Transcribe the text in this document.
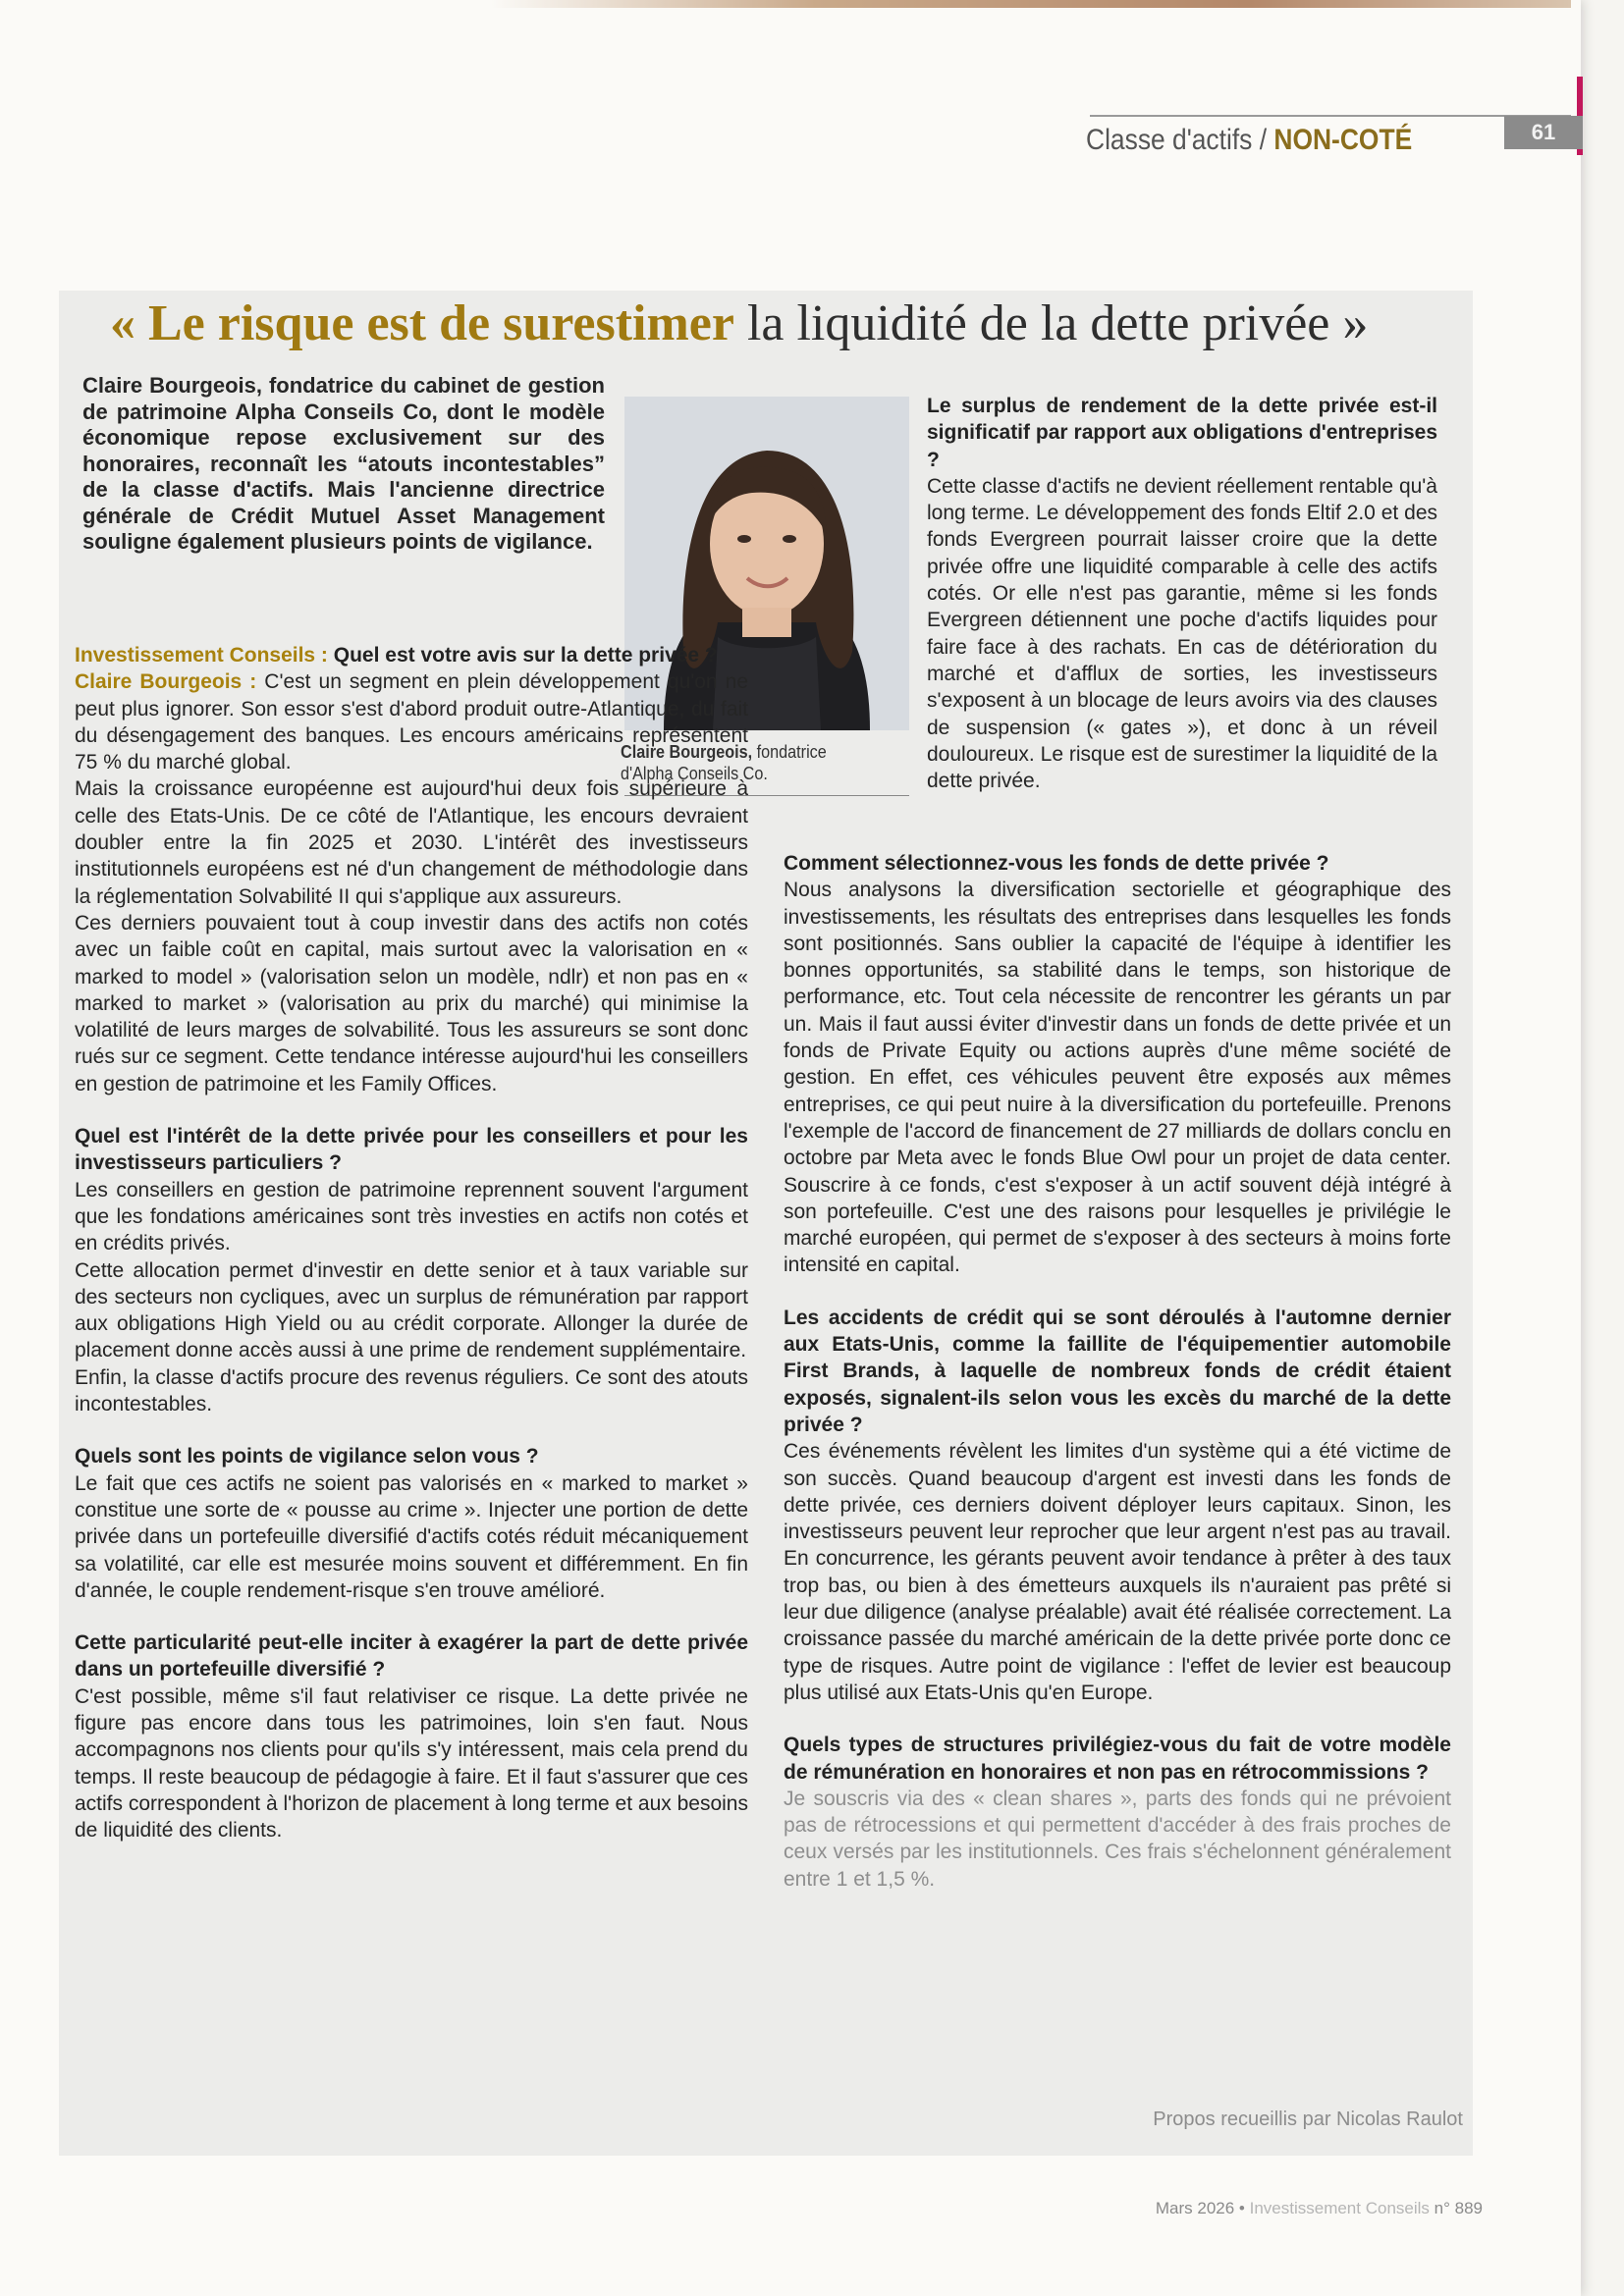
Classe d'actifs / NON-COTÉ	61
« Le risque est de surestimer la liquidité de la dette privée »
Claire Bourgeois, fondatrice du cabinet de gestion de patrimoine Alpha Conseils Co, dont le modèle économique repose exclusivement sur des honoraires, reconnaît les “atouts incontestables” de la classe d'actifs. Mais l'ancienne directrice générale de Crédit Mutuel Asset Management souligne également plusieurs points de vigilance.
Claire Bourgeois, fondatrice d'Alpha Conseils Co.

Investissement Conseils : Quel est votre avis sur la dette privée ?

Claire Bourgeois : C'est un segment en plein développement qu'on ne peut plus ignorer. Son essor s'est d'abord produit outre-Atlantique, du fait du désengagement des banques. Les encours américains représentent 75 % du marché global.

Mais la croissance européenne est aujourd'hui deux fois supérieure à celle des Etats-Unis. De ce côté de l'Atlantique, les encours devraient doubler entre la fin 2025 et 2030. L'intérêt des investisseurs institutionnels européens est né d'un changement de méthodologie dans la réglementation Solvabilité II qui s'applique aux assureurs.

Ces derniers pouvaient tout à coup investir dans des actifs non cotés avec un faible coût en capital, mais surtout avec la valorisation en « marked to model » (valorisation selon un modèle, ndlr) et non pas en « marked to market » (valorisation au prix du marché) qui minimise la volatilité de leurs marges de solvabilité. Tous les assureurs se sont donc rués sur ce segment. Cette tendance intéresse aujourd'hui les conseillers en gestion de patrimoine et les Family Offices.

Quel est l'intérêt de la dette privée pour les conseillers et pour les investisseurs particuliers ?

Les conseillers en gestion de patrimoine reprennent souvent l'argument que les fondations américaines sont très investies en actifs non cotés et en crédits privés.

Cette allocation permet d'investir en dette senior et à taux variable sur des secteurs non cycliques, avec un surplus de rémunération par rapport aux obligations High Yield ou au crédit corporate. Allonger la durée de placement donne accès aussi à une prime de rendement supplémentaire.

Enfin, la classe d'actifs procure des revenus réguliers. Ce sont des atouts incontestables.

Quels sont les points de vigilance selon vous ?

Le fait que ces actifs ne soient pas valorisés en « marked to market » constitue une sorte de « pousse au crime ». Injecter une portion de dette privée dans un portefeuille diversifié d'actifs cotés réduit mécaniquement sa volatilité, car elle est mesurée moins souvent et différemment. En fin d'année, le couple rendement-risque s'en trouve amélioré.

Cette particularité peut-elle inciter à exagérer la part de dette privée dans un portefeuille diversifié ?

C'est possible, même s'il faut relativiser ce risque. La dette privée ne figure pas encore dans tous les patrimoines, loin s'en faut. Nous accompagnons nos clients pour qu'ils s'y intéressent, mais cela prend du temps. Il reste beaucoup de pédagogie à faire. Et il faut s'assurer que ces actifs correspondent à l'horizon de placement à long terme et aux besoins de liquidité des clients.

Le surplus de rendement de la dette privée est-il significatif par rapport aux obligations d'entreprises ?

Cette classe d'actifs ne devient réellement rentable qu'à long terme. Le développement des fonds Eltif 2.0 et des fonds Evergreen pourrait laisser croire que la dette privée offre une liquidité comparable à celle des actifs cotés. Or elle n'est pas garantie, même si les fonds Evergreen détiennent une poche d'actifs liquides pour faire face à des rachats. En cas de détérioration du marché et d'afflux de sorties, les investisseurs s'exposent à un blocage de leurs avoirs via des clauses de suspension (« gates »), et donc à un réveil douloureux. Le risque est de surestimer la liquidité de la dette privée.

Comment sélectionnez-vous les fonds de dette privée ?

Nous analysons la diversification sectorielle et géographique des investissements, les résultats des entreprises dans lesquelles les fonds sont positionnés. Sans oublier la capacité de l'équipe à identifier les bonnes opportunités, sa stabilité dans le temps, son historique de performance, etc. Tout cela nécessite de rencontrer les gérants un par un. Mais il faut aussi éviter d'investir dans un fonds de dette privée et un fonds de Private Equity ou actions auprès d'une même société de gestion. En effet, ces véhicules peuvent être exposés aux mêmes entreprises, ce qui peut nuire à la diversification du portefeuille. Prenons l'exemple de l'accord de financement de 27 milliards de dollars conclu en octobre par Meta avec le fonds Blue Owl pour un projet de data center. Souscrire à ce fonds, c'est s'exposer à un actif souvent déjà intégré à son portefeuille. C'est une des raisons pour lesquelles je privilégie le marché européen, qui permet de s'exposer à des secteurs à moins forte intensité en capital.

Les accidents de crédit qui se sont déroulés à l'automne dernier aux Etats-Unis, comme la faillite de l'équipementier automobile First Brands, à laquelle de nombreux fonds de crédit étaient exposés, signalent-ils selon vous les excès du marché de la dette privée ?

Ces événements révèlent les limites d'un système qui a été victime de son succès. Quand beaucoup d'argent est investi dans les fonds de dette privée, ces derniers doivent déployer leurs capitaux. Sinon, les investisseurs peuvent leur reprocher que leur argent n'est pas au travail. En concurrence, les gérants peuvent avoir tendance à prêter à des taux trop bas, ou bien à des émetteurs auxquels ils n'auraient pas prêté si leur due diligence (analyse préalable) avait été réalisée correctement. La croissance passée du marché américain de la dette privée porte donc ce type de risques. Autre point de vigilance : l'effet de levier est beaucoup plus utilisé aux Etats-Unis qu'en Europe.

Quels types de structures privilégiez-vous du fait de votre modèle de rémunération en honoraires et non pas en rétrocommissions ?

Je souscris via des « clean shares », parts des fonds qui ne prévoient pas de rétrocessions et qui permettent d'accéder à des frais proches de ceux versés par les institutionnels. Ces frais s'échelonnent généralement entre 1 et 1,5 %.

Propos recueillis par Nicolas Raulot
Mars 2026 • Investissement Conseils n° 889
